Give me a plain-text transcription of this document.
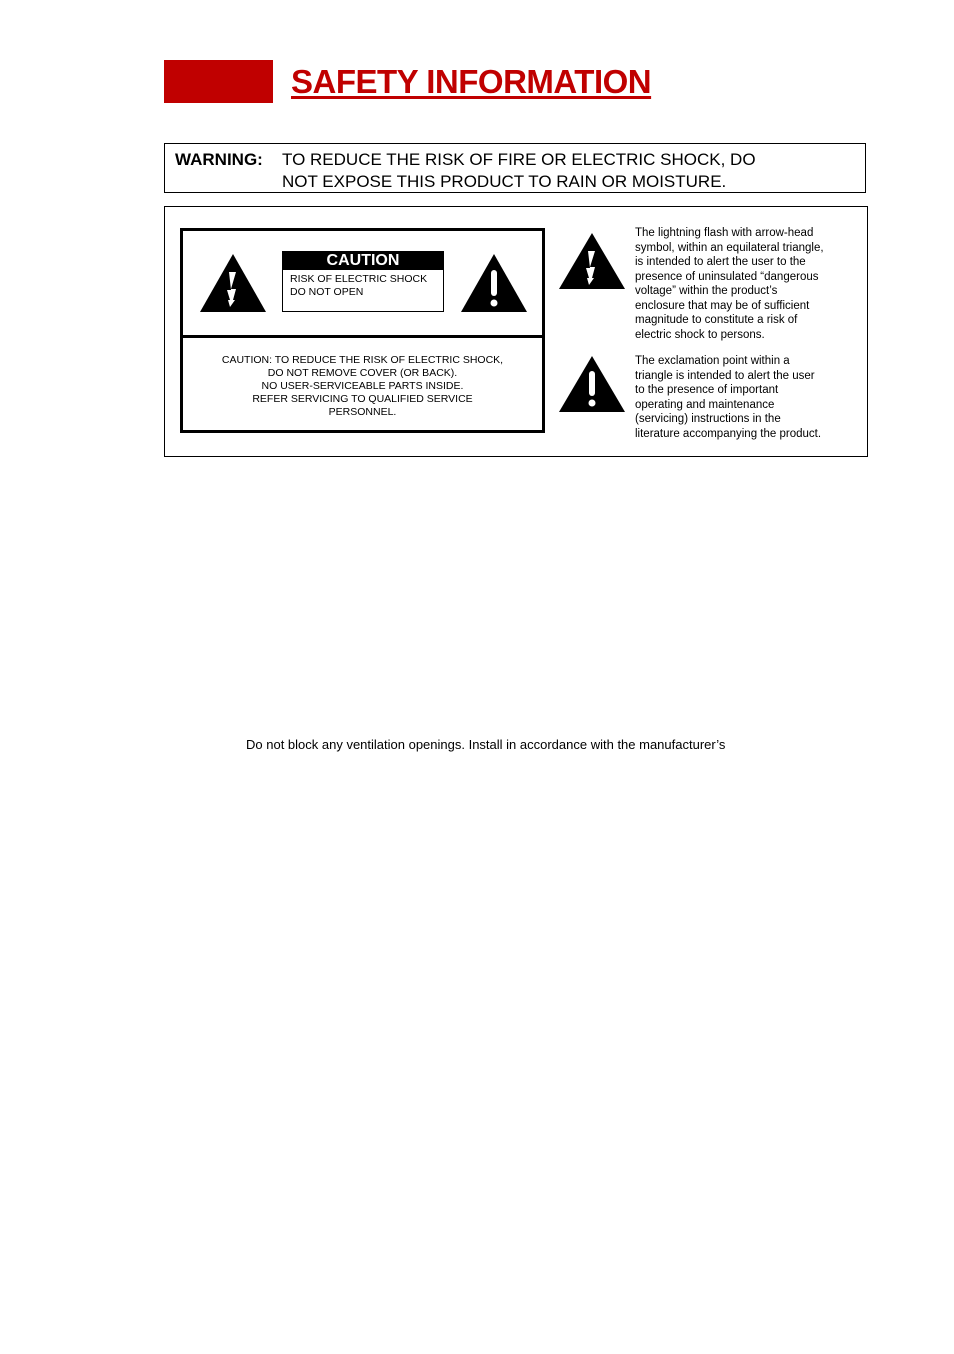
SAFETY INFORMATION
WARNING: TO REDUCE THE RISK OF FIRE OR ELECTRIC SHOCK, DO
NOT EXPOSE THIS PRODUCT TO RAIN OR MOISTURE.
CAUTION
RISK OF ELECTRIC SHOCK
DO NOT OPEN
CAUTION: TO REDUCE THE RISK OF ELECTRIC SHOCK,
DO NOT REMOVE COVER (OR BACK).
NO USER-SERVICEABLE PARTS INSIDE.
REFER SERVICING TO QUALIFIED SERVICE
PERSONNEL.
The lightning flash with arrow-head
symbol, within an equilateral triangle,
is intended to alert the user to the
presence of uninsulated “dangerous
voltage” within the product’s
enclosure that may be of sufficient
magnitude to constitute a risk of
electric shock to persons.
The exclamation point within a
triangle is intended to alert the user
to the presence of important
operating and maintenance
(servicing) instructions in the
literature accompanying the product.
Do not block any ventilation openings. Install in accordance with the manufacturer’s
